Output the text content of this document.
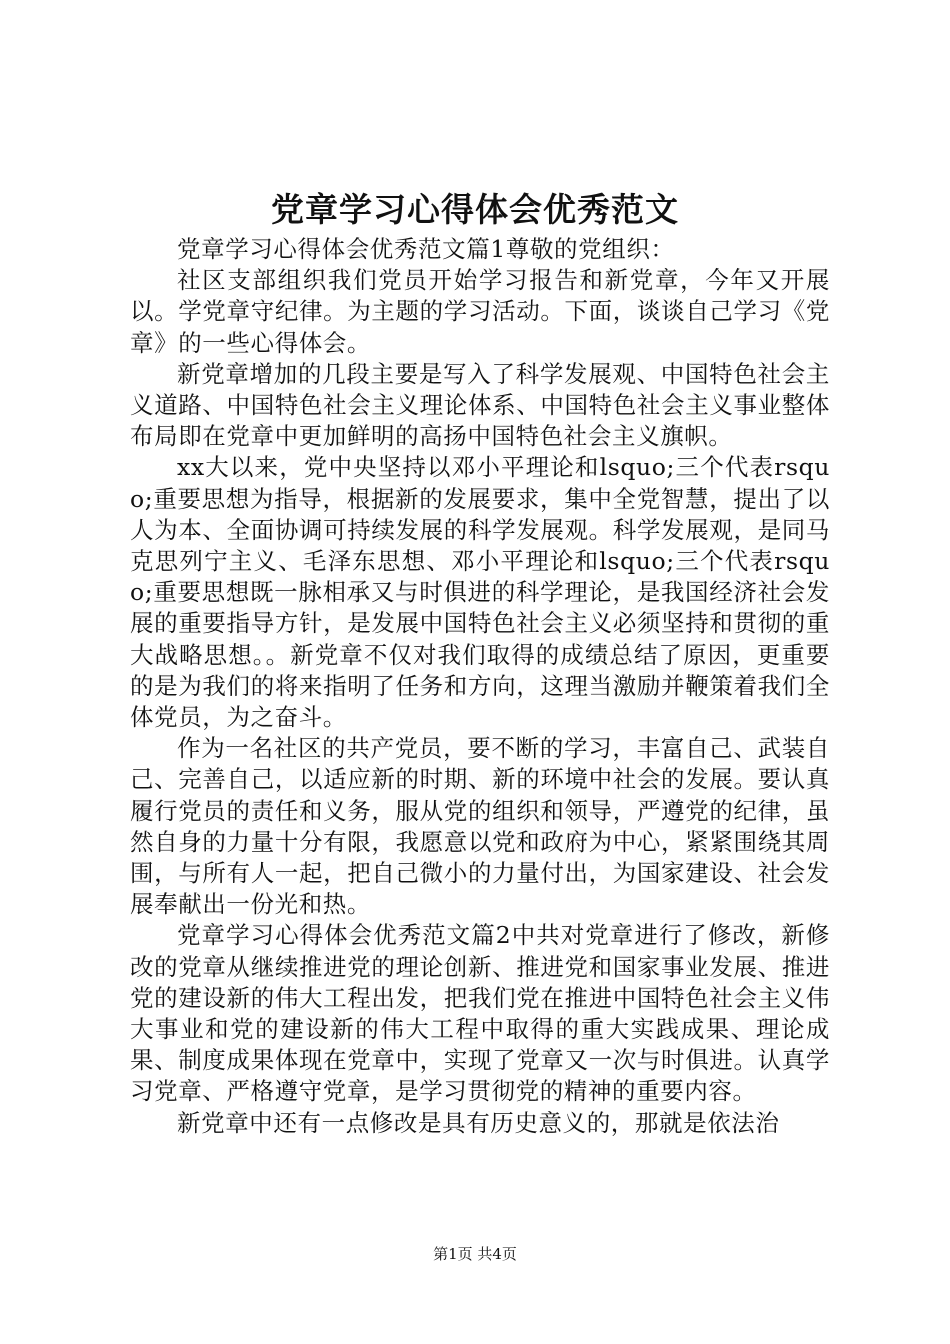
党章学习心得体会优秀范文

党章学习心得体会优秀范文篇1尊敬的党组织：

社区支部组织我们党员开始学习报告和新党章，今年又开展以。学党章守纪律。为主题的学习活动。下面，谈谈自己学习《党章》的一些心得体会。

新党章增加的几段主要是写入了科学发展观、中国特色社会主义道路、中国特色社会主义理论体系、中国特色社会主义事业整体布局即在党章中更加鲜明的高扬中国特色社会主义旗帜。

xx大以来，党中央坚持以邓小平理论和lsquo;三个代表rsquo;重要思想为指导，根据新的发展要求，集中全党智慧，提出了以人为本、全面协调可持续发展的科学发展观。科学发展观，是同马克思列宁主义、毛泽东思想、邓小平理论和lsquo;三个代表rsquo;重要思想既一脉相承又与时俱进的科学理论，是我国经济社会发展的重要指导方针，是发展中国特色社会主义必须坚持和贯彻的重大战略思想。。新党章不仅对我们取得的成绩总结了原因，更重要的是为我们的将来指明了任务和方向，这理当激励并鞭策着我们全体党员，为之奋斗。

作为一名社区的共产党员，要不断的学习，丰富自己、武装自己、完善自己，以适应新的时期、新的环境中社会的发展。要认真履行党员的责任和义务，服从党的组织和领导，严遵党的纪律，虽然自身的力量十分有限，我愿意以党和政府为中心，紧紧围绕其周围，与所有人一起，把自己微小的力量付出，为国家建设、社会发展奉献出一份光和热。

党章学习心得体会优秀范文篇2中共对党章进行了修改，新修改的党章从继续推进党的理论创新、推进党和国家事业发展、推进党的建设新的伟大工程出发，把我们党在推进中国特色社会主义伟大事业和党的建设新的伟大工程中取得的重大实践成果、理论成果、制度成果体现在党章中，实现了党章又一次与时俱进。认真学习党章、严格遵守党章，是学习贯彻党的精神的重要内容。

新党章中还有一点修改是具有历史意义的，那就是依法治

第1页 共4页
